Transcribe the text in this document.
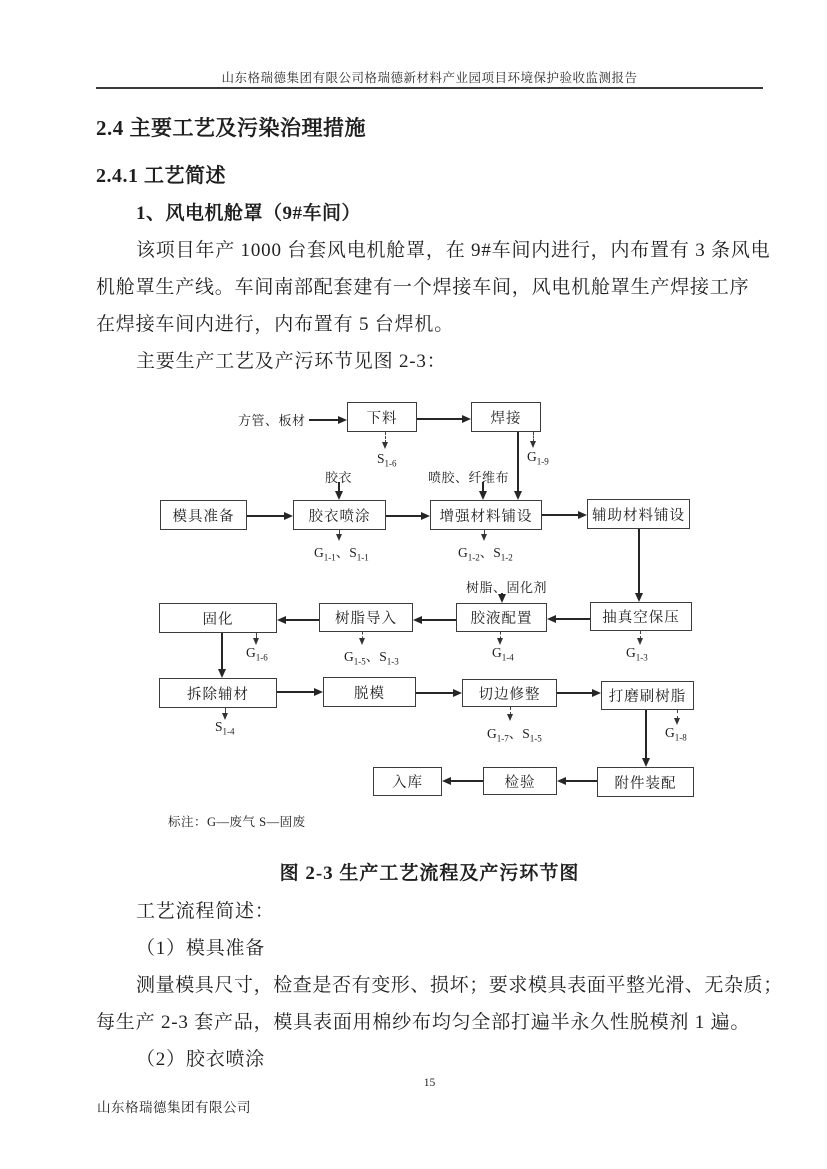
山东格瑞德集团有限公司格瑞德新材料产业园项目环境保护验收监测报告
2.4 主要工艺及污染治理措施
2.4.1 工艺简述
1、风电机舱罩（9#车间）
该项目年产 1000 台套风电机舱罩，在 9#车间内进行，内布置有 3 条风电
机舱罩生产线。车间南部配套建有一个焊接车间，风电机舱罩生产焊接工序
在焊接车间内进行，内布置有 5 台焊机。
主要生产工艺及产污环节见图 2-3：
下料	焊接
模具准备	胶衣喷涂	增强材料铺设	辅助材料铺设
固化	树脂导入	胶液配置	抽真空保压
拆除辅材	脱模	切边修整	打磨刷树脂
入库	检验	附件装配
方管、板材
胶衣	喷胶、纤维布
树脂、固化剂
$S_{1-6}$	$G_{1-9}$
$G_{1-1}$、$S_{1-1}$	$G_{1-2}$、$S_{1-2}$
$G_{1-6}$	$G_{1-5}$、$S_{1-3}$
$G_{1-4}$	$G_{1-3}$
$S_{1-4}$	$G_{1-7}$、$S_{1-5}$	$G_{1-8}$
标注：G—废气 S—固废
图 2-3 生产工艺流程及产污环节图
工艺流程简述：
（1）模具准备
测量模具尺寸，检查是否有变形、损坏；要求模具表面平整光滑、无杂质；
每生产 2-3 套产品，模具表面用棉纱布均匀全部打遍半永久性脱模剂 1 遍。
（2）胶衣喷涂
15
山东格瑞德集团有限公司
